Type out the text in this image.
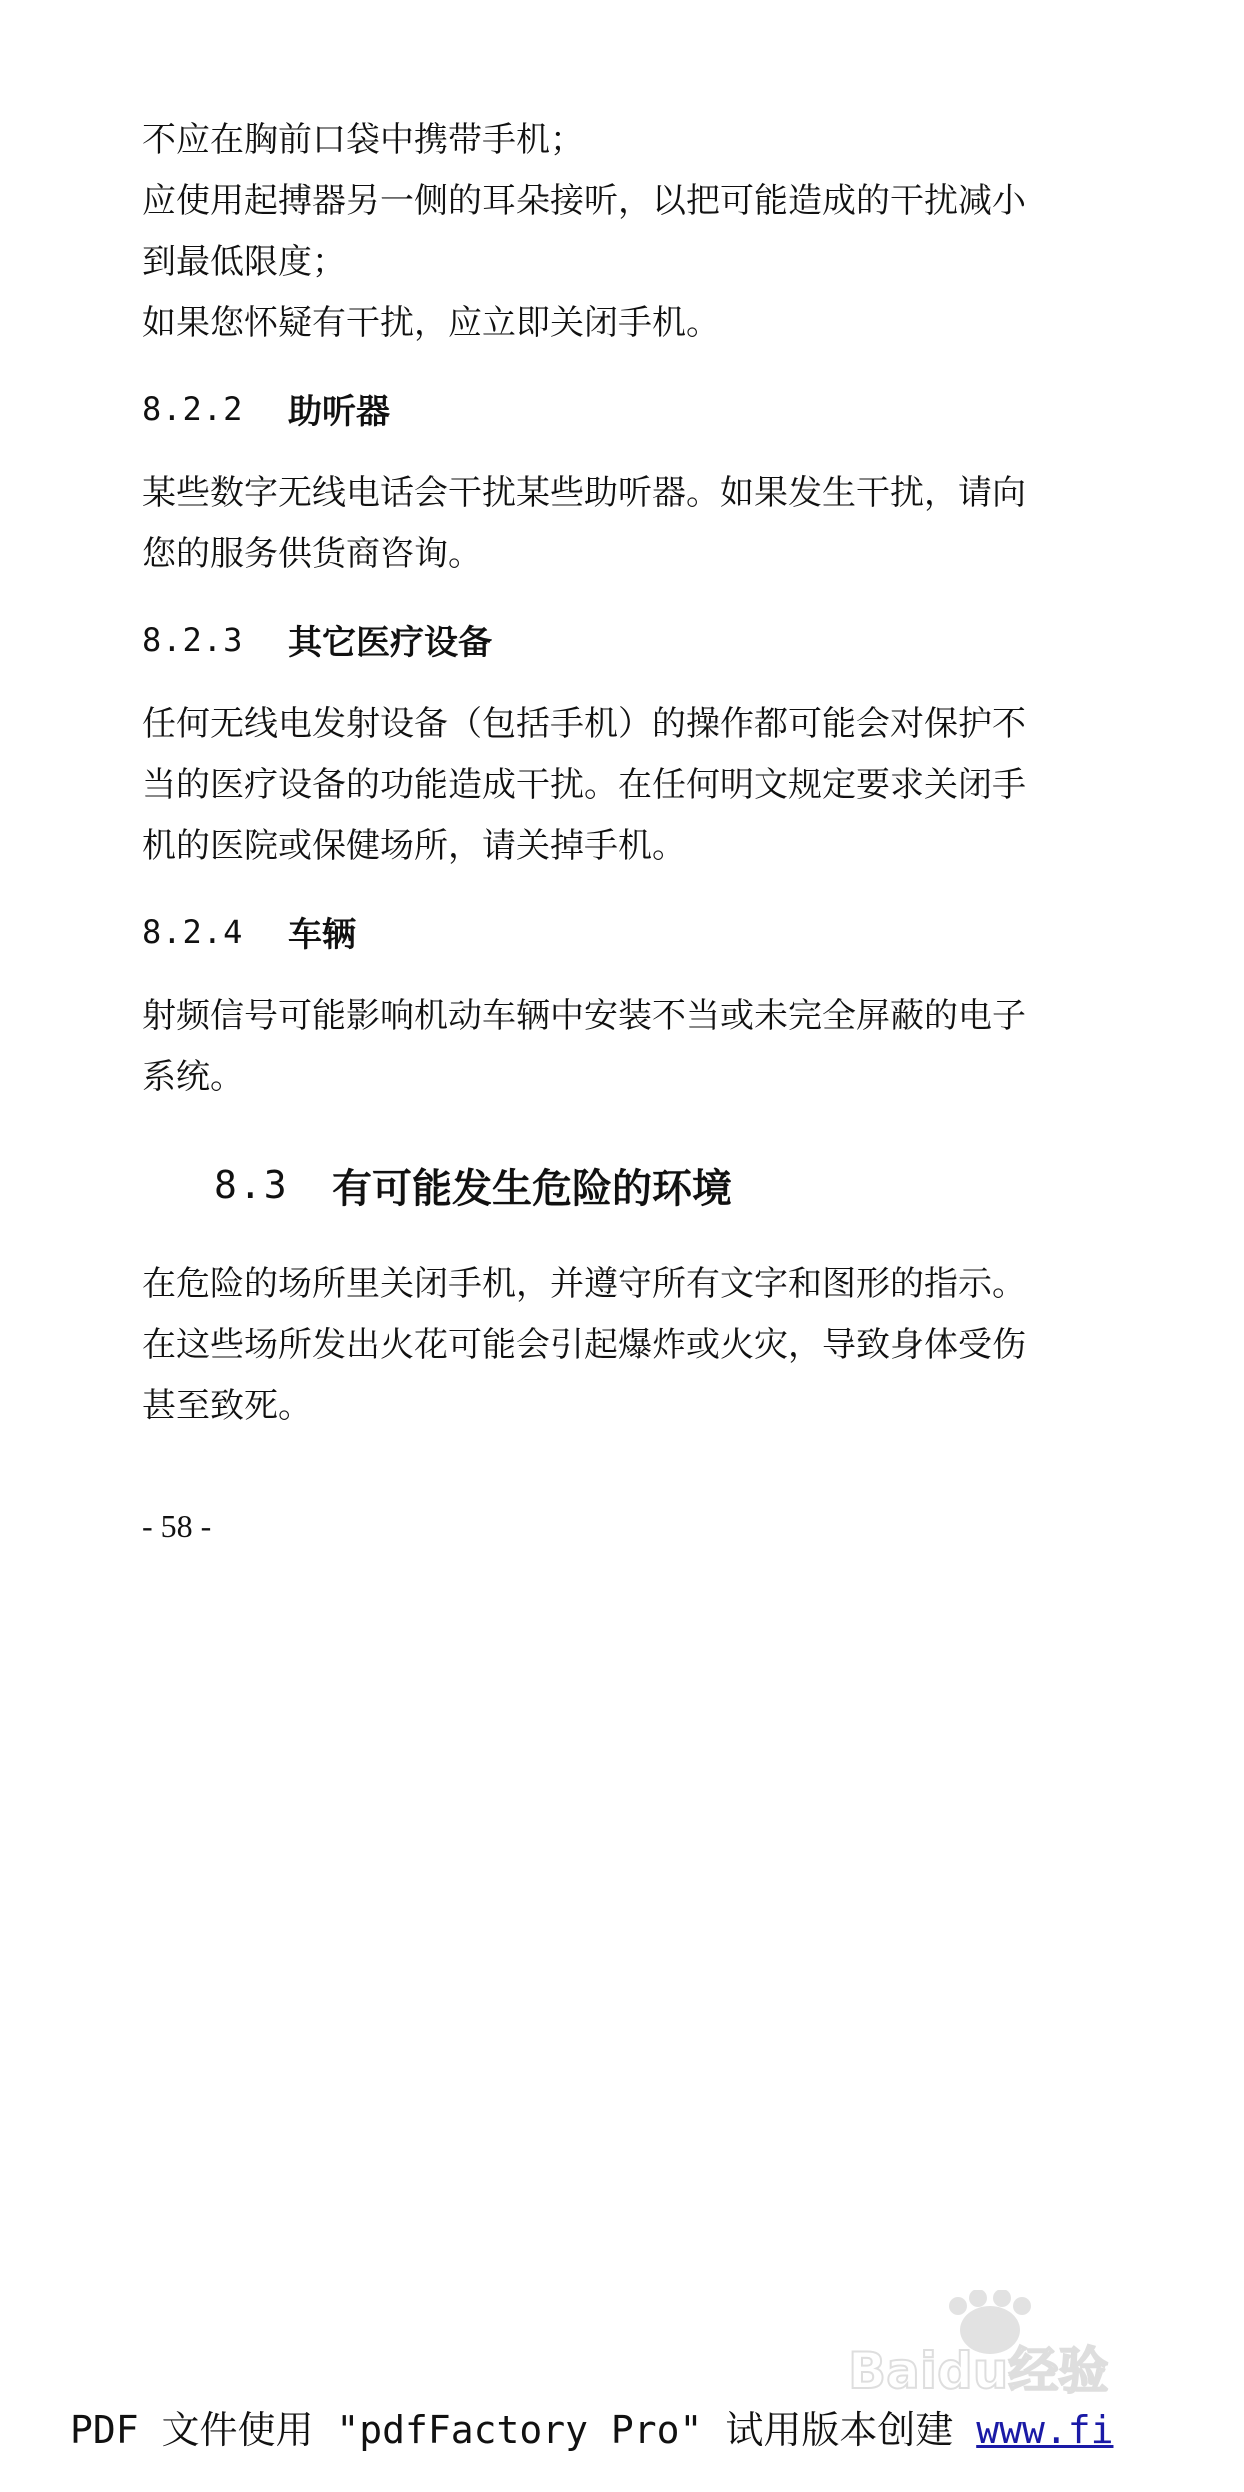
不应在胸前口袋中携带手机；

应使用起搏器另一侧的耳朵接听，以把可能造成的干扰减小

到最低限度；

如果您怀疑有干扰，应立即关闭手机。

8.2.2	助听器

某些数字无线电话会干扰某些助听器。如果发生干扰，请向

您的服务供货商咨询。

8.2.3	其它医疗设备

任何无线电发射设备（包括手机）的操作都可能会对保护不

当的医疗设备的功能造成干扰。在任何明文规定要求关闭手

机的医院或保健场所，请关掉手机。

8.2.4	车辆

射频信号可能影响机动车辆中安装不当或未完全屏蔽的电子

系统。

8.3	有可能发生危险的环境

在危险的场所里关闭手机，并遵守所有文字和图形的指示。

在这些场所发出火花可能会引起爆炸或火灾，导致身体受伤

甚至致死。

- 58 -
Baidu经验
PDF 文件使用 "pdfFactory Pro" 试用版本创建 www.fi
